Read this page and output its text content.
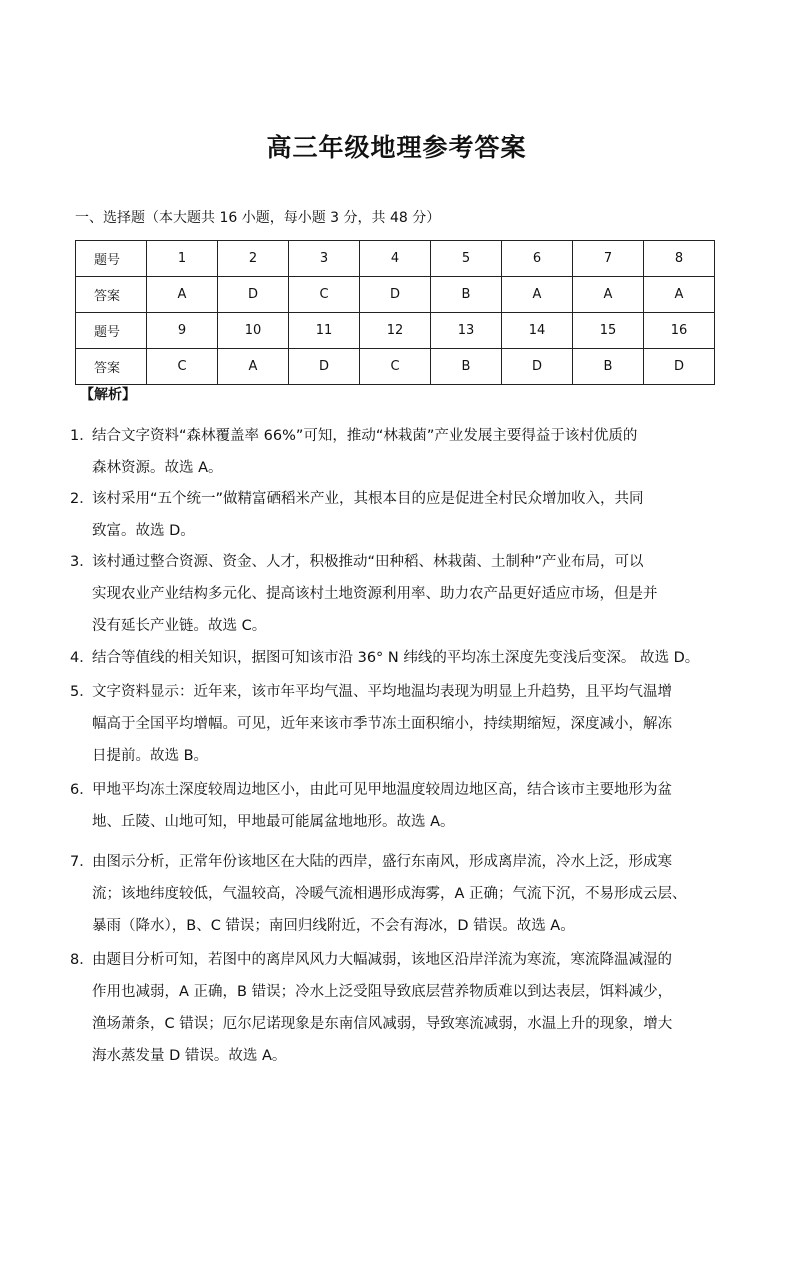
高三年级地理参考答案
一、选择题（本大题共 16 小题，每小题 3 分，共 48 分）
题号	1	2	3	4	5	6	7	8
答案	A	D	C	D	B	A	A	A
题号	9	10	11	12	13	14	15	16
答案	C	A	D	C	B	D	B	D
【解析】
1．结合文字资料“森林覆盖率 66%”可知，推动“林栽菌”产业发展主要得益于该村优质的
森林资源。故选 A。
2．该村采用“五个统一”做精富硒稻米产业，其根本目的应是促进全村民众增加收入，共同
致富。故选 D。
3．该村通过整合资源、资金、人才，积极推动“田种稻、林栽菌、土制种”产业布局，可以
实现农业产业结构多元化、提高该村土地资源利用率、助力农产品更好适应市场，但是并
没有延长产业链。故选 C。
4．结合等值线的相关知识，据图可知该市沿 36° N 纬线的平均冻土深度先变浅后变深。 故选 D。
5．文字资料显示：近年来，该市年平均气温、平均地温均表现为明显上升趋势，且平均气温增
幅高于全国平均增幅。可见，近年来该市季节冻土面积缩小，持续期缩短，深度减小，解冻
日提前。故选 B。
6．甲地平均冻土深度较周边地区小，由此可见甲地温度较周边地区高，结合该市主要地形为盆
地、丘陵、山地可知，甲地最可能属盆地地形。故选 A。
7．由图示分析，正常年份该地区在大陆的西岸，盛行东南风，形成离岸流，冷水上泛，形成寒
流；该地纬度较低，气温较高，冷暖气流相遇形成海雾，A 正确；气流下沉，不易形成云层、
暴雨（降水），B、C 错误；南回归线附近，不会有海冰，D 错误。故选 A。
8．由题目分析可知，若图中的离岸风风力大幅减弱，该地区沿岸洋流为寒流，寒流降温减湿的
作用也减弱，A 正确，B 错误；冷水上泛受阻导致底层营养物质难以到达表层，饵料减少，
渔场萧条，C 错误；厄尔尼诺现象是东南信风减弱，导致寒流减弱，水温上升的现象，增大
海水蒸发量 D 错误。故选 A。
